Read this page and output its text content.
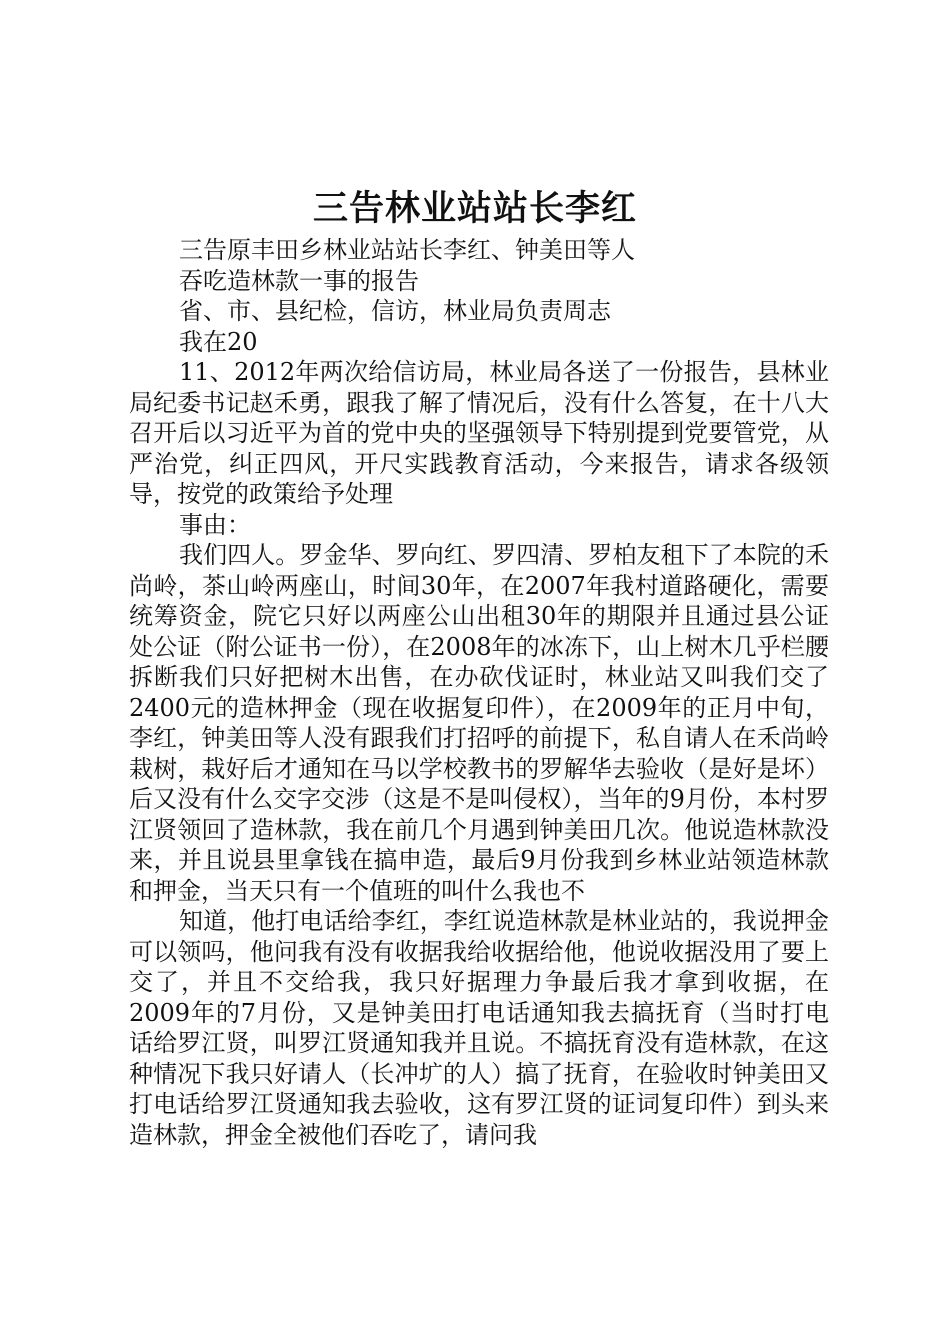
三告林业站站长李红

三告原丰田乡林业站站长李红、钟美田等人

吞吃造林款一事的报告

省、市、县纪检，信访，林业局负责周志

我在20

11、2012年两次给信访局，林业局各送了一份报告，县林业局纪委书记赵禾勇，跟我了解了情况后，没有什么答复，在十八大召开后以习近平为首的党中央的坚强领导下特别提到党要管党，从严治党，纠正四风，开尺实践教育活动，今来报告，请求各级领导，按党的政策给予处理

事由：

我们四人。罗金华、罗向红、罗四清、罗柏友租下了本院的禾尚岭，茶山岭两座山，时间30年，在2007年我村道路硬化，需要统筹资金，院它只好以两座公山出租30年的期限并且通过县公证处公证（附公证书一份），在2008年的冰冻下，山上树木几乎栏腰拆断我们只好把树木出售，在办砍伐证时，林业站又叫我们交了2400元的造林押金（现在收据复印件），在2009年的正月中旬，李红，钟美田等人没有跟我们打招呼的前提下，私自请人在禾尚岭栽树，栽好后才通知在马以学校教书的罗解华去验收（是好是坏）后又没有什么交字交涉（这是不是叫侵权），当年的9月份，本村罗江贤领回了造林款，我在前几个月遇到钟美田几次。他说造林款没来，并且说县里拿钱在搞申造，最后9月份我到乡林业站领造林款和押金，当天只有一个值班的叫什么我也不

知道，他打电话给李红，李红说造林款是林业站的，我说押金可以领吗，他问我有没有收据我给收据给他，他说收据没用了要上交了，并且不交给我，我只好据理力争最后我才拿到收据，在2009年的7月份，又是钟美田打电话通知我去搞抚育（当时打电话给罗江贤，叫罗江贤通知我并且说。不搞抚育没有造林款，在这种情况下我只好请人（长冲圹的人）搞了抚育，在验收时钟美田又打电话给罗江贤通知我去验收，这有罗江贤的证词复印件）到头来造林款，押金全被他们吞吃了，请问我
